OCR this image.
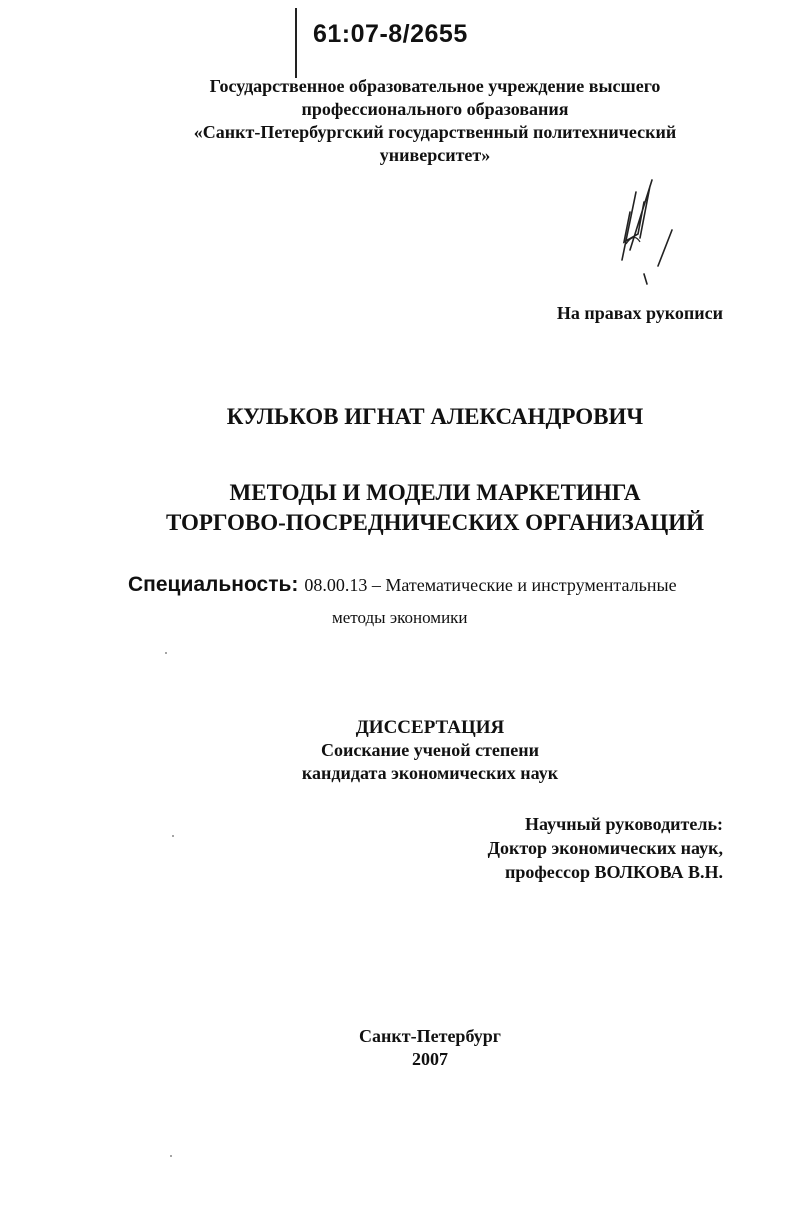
61:07-8/2655
Государственное образовательное учреждение высшего
профессионального образования
«Санкт-Петербургский государственный политехнический
университет»
На правах рукописи
КУЛЬКОВ ИГНАТ АЛЕКСАНДРОВИЧ
МЕТОДЫ И МОДЕЛИ МАРКЕТИНГА
ТОРГОВО-ПОСРЕДНИЧЕСКИХ ОРГАНИЗАЦИЙ
Специальность: 08.00.13 – Математические и инструментальные
методы экономики
ДИССЕРТАЦИЯ
Соискание ученой степени
кандидата экономических наук
Научный руководитель:
Доктор экономических наук,
профессор ВОЛКОВА В.Н.
Санкт-Петербург
2007
